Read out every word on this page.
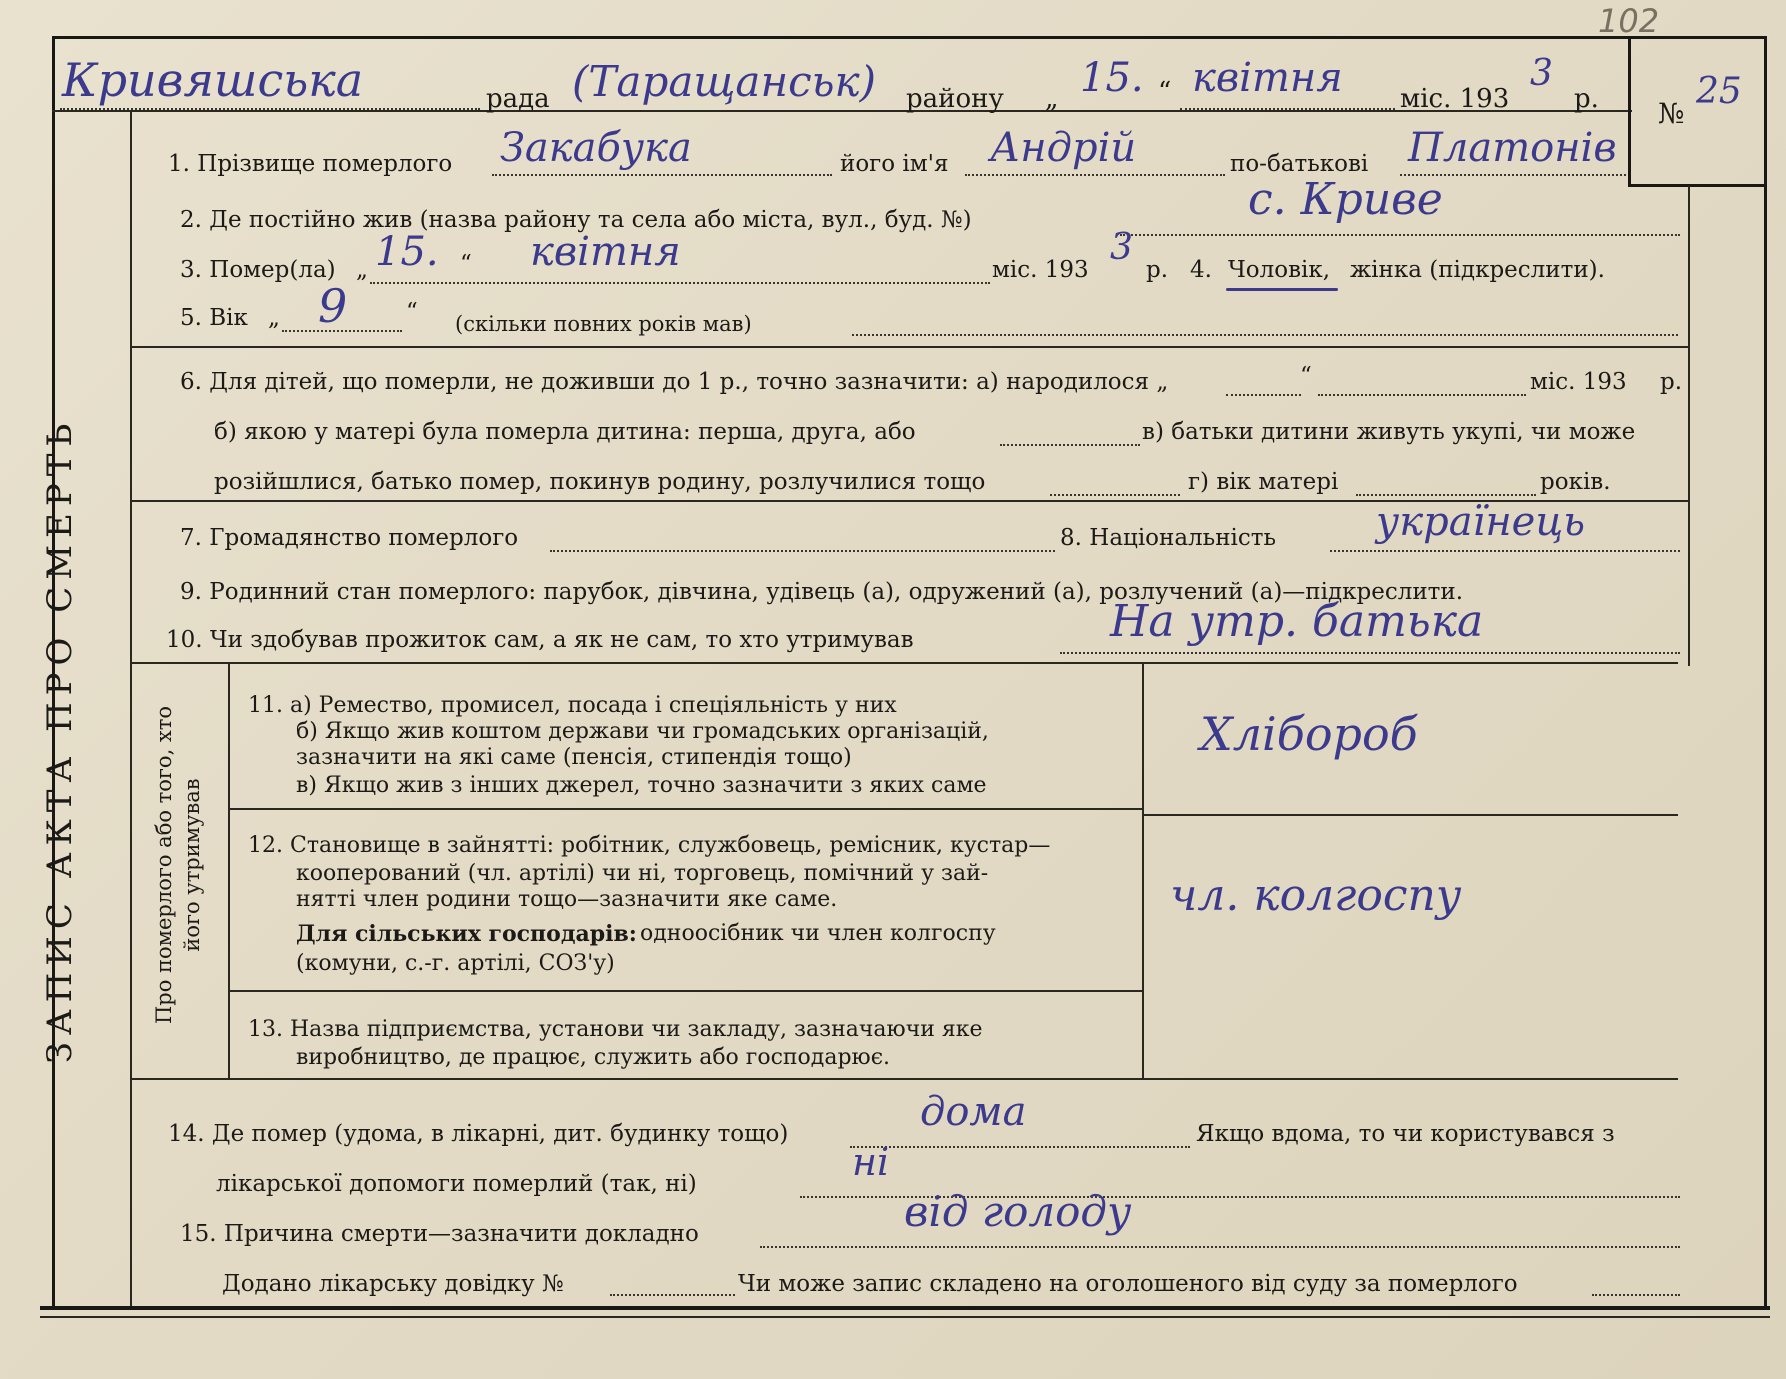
ЗАПИС АКТА ПРО СМЕРТЬ
Кривяшська	рада (Таращанськ) району „ 15. “ квітня міс. 193
3
р. №
25
102
1. Прізвище померлого Закабука	його ім'я Андрій	по-батькові Платонів
2. Де постійно жив (назва району та села або міста, вул., буд. №)	с. Криве
3. Помер(ла) „ 15. “ квітня	міс. 193
3
р. 4. Чоловік, жінка (підкреслити).
5. Вік „ 9	“ (скільки повних років мав)
6. Для дітей, що померли, не доживши до 1 р., точно зазначити: а) народилося „	“	міс. 193 р.
б) якою у матері була померла дитина: перша, друга, або	в) батьки дитини живуть укупі, чи може
розійшлися, батько помер, покинув родину, розлучилися тощо	г) вік матері	років.
7. Громадянство померлого	8. Національність українець
9. Родинний стан померлого: парубок, дівчина, удівець (а), одружений (а), розлучений (а)—підкреслити.
10. Чи здобував прожиток сам, а як не сам, то хто утримував	На утр. батька
Про померлого або того, хто його утримував
11. а) Ремество, промисел, посада і спеціяльність у них
б) Якщо жив коштом держави чи громадських організацій,
зазначити на які саме (пенсія, стипендія тощо)
в) Якщо жив з інших джерел, точно зазначити з яких саме
Хлібороб
12. Становище в зайнятті: робітник, службовець, ремісник, кустар—
кооперований (чл. артілі) чи ні, торговець, помічний у зай-
нятті член родини тощо—зазначити яке саме.
Для сільських господарів: одноосібник чи член колгоспу
(комуни, с.-г. артілі, СОЗ'у)
чл. колгоспу
13. Назва підприємства, установи чи закладу, зазначаючи яке
виробництво, де працює, служить або господарює.
14. Де помер (удома, в лікарні, дит. будинку тощо)	дома	Якщо вдома, то чи користувався з
лікарської допомоги померлий (так, ні)	ні
15. Причина смерти—зазначити докладно	від голоду
Додано лікарську довідку №	Чи може запис складено на оголошеного від суду за померлого
